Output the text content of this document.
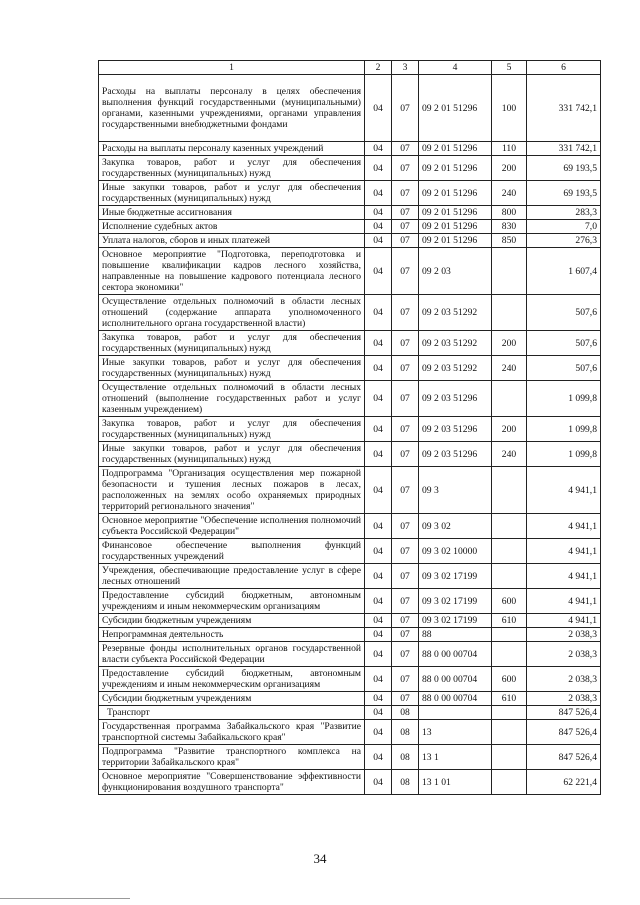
1	2	3	4	5	6
Расходы на выплаты персоналу в целях обеспечения выполнения функций государственными (муниципальными) органами, казенными учреждениями, органами управления государственными внебюджетными фондами	04	07	09 2 01 51296	100	331 742,1
Расходы на выплаты персоналу казенных учреждений	04	07	09 2 01 51296	110	331 742,1
Закупка товаров, работ и услуг для обеспечения государственных (муниципальных) нужд	04	07	09 2 01 51296	200	69 193,5
Иные закупки товаров, работ и услуг для обеспечения государственных (муниципальных) нужд	04	07	09 2 01 51296	240	69 193,5
Иные бюджетные ассигнования	04	07	09 2 01 51296	800	283,3
Исполнение судебных актов	04	07	09 2 01 51296	830	7,0
Уплата налогов, сборов и иных платежей	04	07	09 2 01 51296	850	276,3
Основное мероприятие "Подготовка, переподготовка и повышение квалификации кадров лесного хозяйства, направленные на повышение кадрового потенциала лесного сектора экономики"	04	07	09 2 03		1 607,4
Осуществление отдельных полномочий в области лесных отношений (содержание аппарата уполномоченного исполнительного органа государственной власти)	04	07	09 2 03 51292		507,6
Закупка товаров, работ и услуг для обеспечения государственных (муниципальных) нужд	04	07	09 2 03 51292	200	507,6
Иные закупки товаров, работ и услуг для обеспечения государственных (муниципальных) нужд	04	07	09 2 03 51292	240	507,6
Осуществление отдельных полномочий в области лесных отношений (выполнение государственных работ и услуг казенным учреждением)	04	07	09 2 03 51296		1 099,8
Закупка товаров, работ и услуг для обеспечения государственных (муниципальных) нужд	04	07	09 2 03 51296	200	1 099,8
Иные закупки товаров, работ и услуг для обеспечения государственных (муниципальных) нужд	04	07	09 2 03 51296	240	1 099,8
Подпрограмма "Организация осуществления мер пожарной безопасности и тушения лесных пожаров в лесах, расположенных на землях особо охраняемых природных территорий регионального значения"	04	07	09 3		4 941,1
Основное мероприятие "Обеспечение исполнения полномочий субъекта Российской Федерации"	04	07	09 3 02		4 941,1
Финансовое обеспечение выполнения функций государственных учреждений	04	07	09 3 02 10000		4 941,1
Учреждения, обеспечивающие предоставление услуг в сфере лесных отношений	04	07	09 3 02 17199		4 941,1
Предоставление субсидий бюджетным, автономным учреждениям и иным некоммерческим организациям	04	07	09 3 02 17199	600	4 941,1
Субсидии бюджетным учреждениям	04	07	09 3 02 17199	610	4 941,1
Непрограммная деятельность	04	07	88		2 038,3
Резервные фонды исполнительных органов государственной власти субъекта Российской Федерации	04	07	88 0 00 00704		2 038,3
Предоставление субсидий бюджетным, автономным учреждениям и иным некоммерческим организациям	04	07	88 0 00 00704	600	2 038,3
Субсидии бюджетным учреждениям	04	07	88 0 00 00704	610	2 038,3
Транспорт	04	08			847 526,4
Государственная программа Забайкальского края "Развитие транспортной системы Забайкальского края"	04	08	13		847 526,4
Подпрограмма "Развитие транспортного комплекса на территории Забайкальского края"	04	08	13 1		847 526,4
Основное мероприятие "Совершенствование эффективности функционирования воздушного транспорта"	04	08	13 1 01		62 221,4
34
